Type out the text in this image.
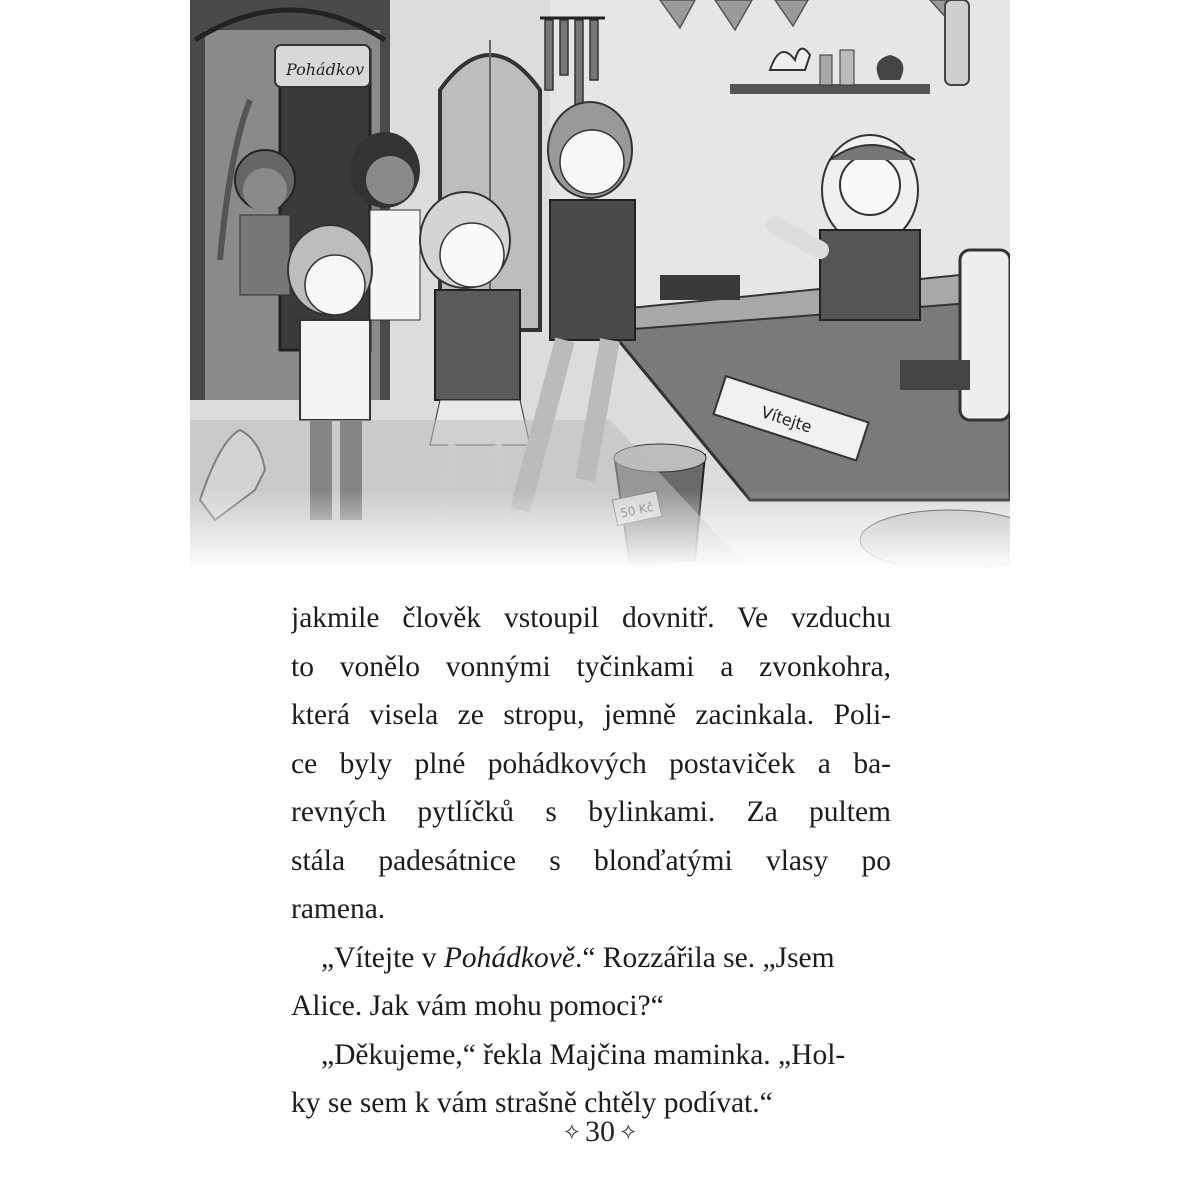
jakmile člověk vstoupil dovnitř. Ve vzduchu
to vonělo vonnými tyčinkami a zvonkohra,
která visela ze stropu, jemně zacinkala. Poli-
ce byly plné pohádkových postaviček a ba-
revných pytlíčků s bylinkami. Za pultem
stála padesátnice s blonďatými vlasy po
ramena.
„Vítejte v Pohádkově.“ Rozzářila se. „Jsem
Alice. Jak vám mohu pomoci?“
„Děkujeme,“ řekla Majčina maminka. „Hol-
ky se sem k vám strašně chtěly podívat.“
⟡ 30 ⟡
